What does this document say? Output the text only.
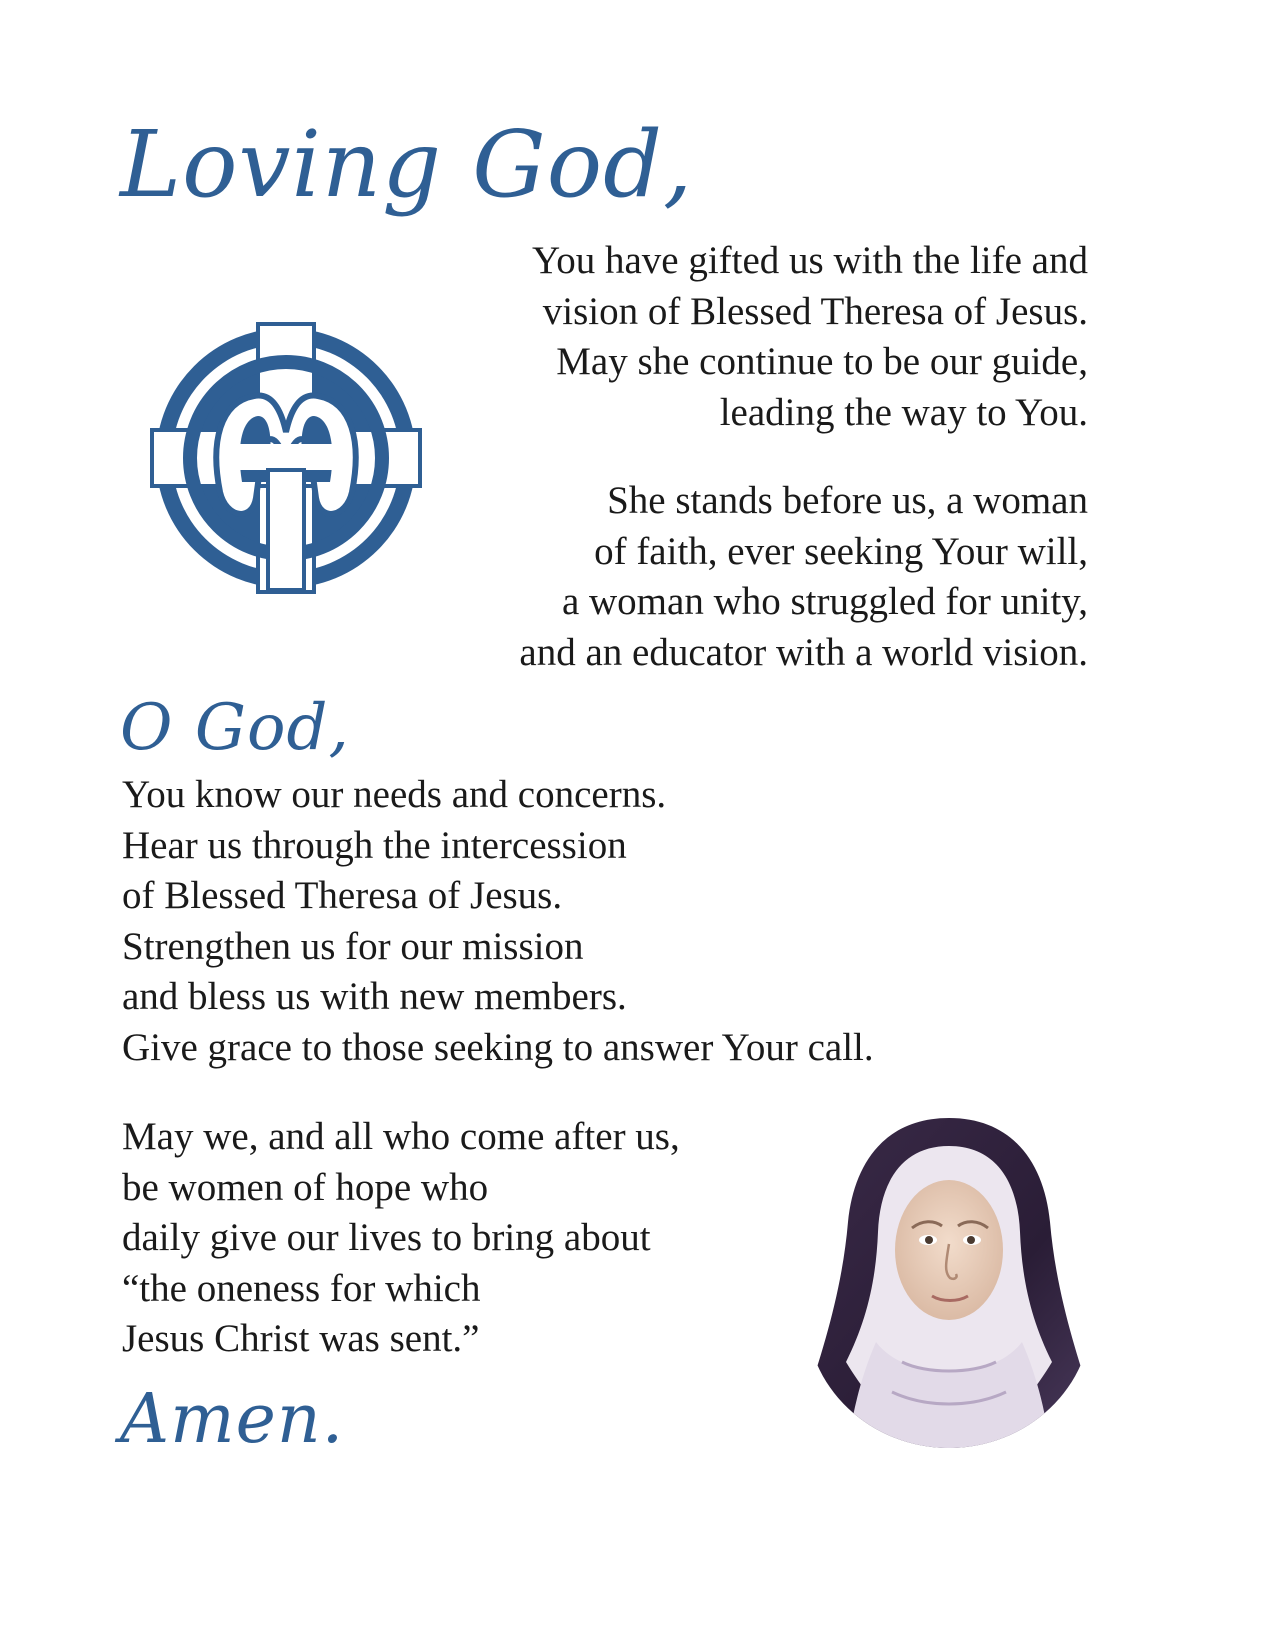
Loving God,
You have gifted us with the life and
vision of Blessed Theresa of Jesus.
May she continue to be our guide,
leading the way to You.
She stands before us, a woman
of faith, ever seeking Your will,
a woman who struggled for unity,
and an educator with a world vision.
O God,
You know our needs and concerns.
Hear us through the intercession
of Blessed Theresa of Jesus.
Strengthen us for our mission
and bless us with new members.
Give grace to those seeking to answer Your call.
May we, and all who come after us,
be women of hope who
daily give our lives to bring about
“the oneness for which
Jesus Christ was sent.”
Amen.
